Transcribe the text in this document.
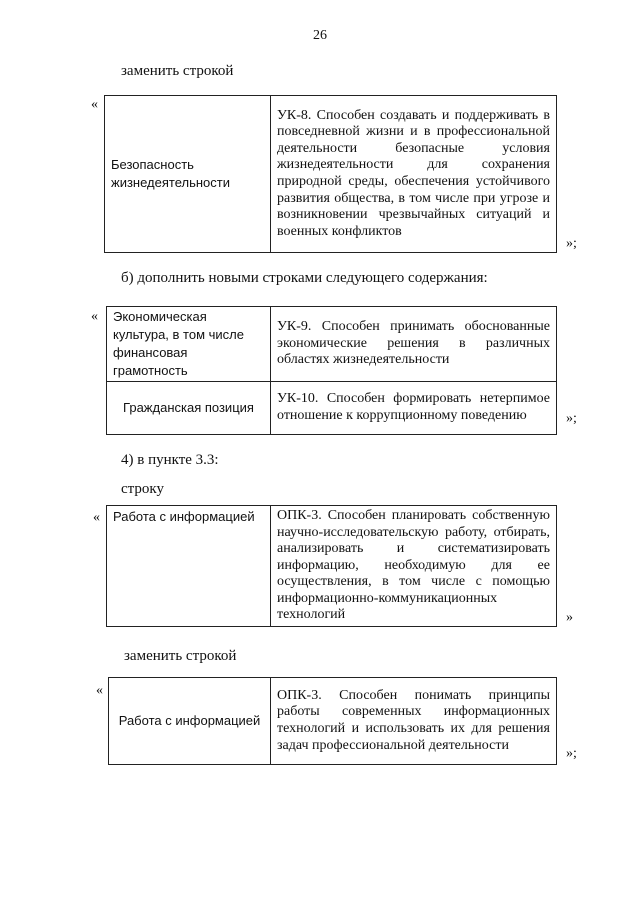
26
заменить строкой
«
Безопасность жизнедеятельности	УК-8. Способен создавать и поддерживать в повседневной жизни и в профессиональной деятельности безопасные условия жизнедеятельности для сохранения природной среды, обеспечения устойчивого развития общества, в том числе при угрозе и возникновении чрезвычайных ситуаций и военных конфликтов
»;
б) дополнить новыми строками следующего содержания:
« Экономическая культура, в том числе финансовая грамотность	УК-9. Способен принимать обоснованные экономические решения в различных областях жизнедеятельности
Гражданская позиция	УК-10. Способен формировать нетерпимое отношение к коррупционному поведению	»;
4) в пункте 3.3:
строку
« Работа с информацией	ОПК-3. Способен планировать собственную научно-исследовательскую работу, отбирать, анализировать и систематизировать информацию, необходимую для ее осуществления, в том числе с помощью информационно-коммуникационных технологий	»
заменить строкой
«
Работа с информацией	ОПК-3. Способен понимать принципы работы современных информационных технологий и использовать их для решения задач профессиональной деятельности
»;
